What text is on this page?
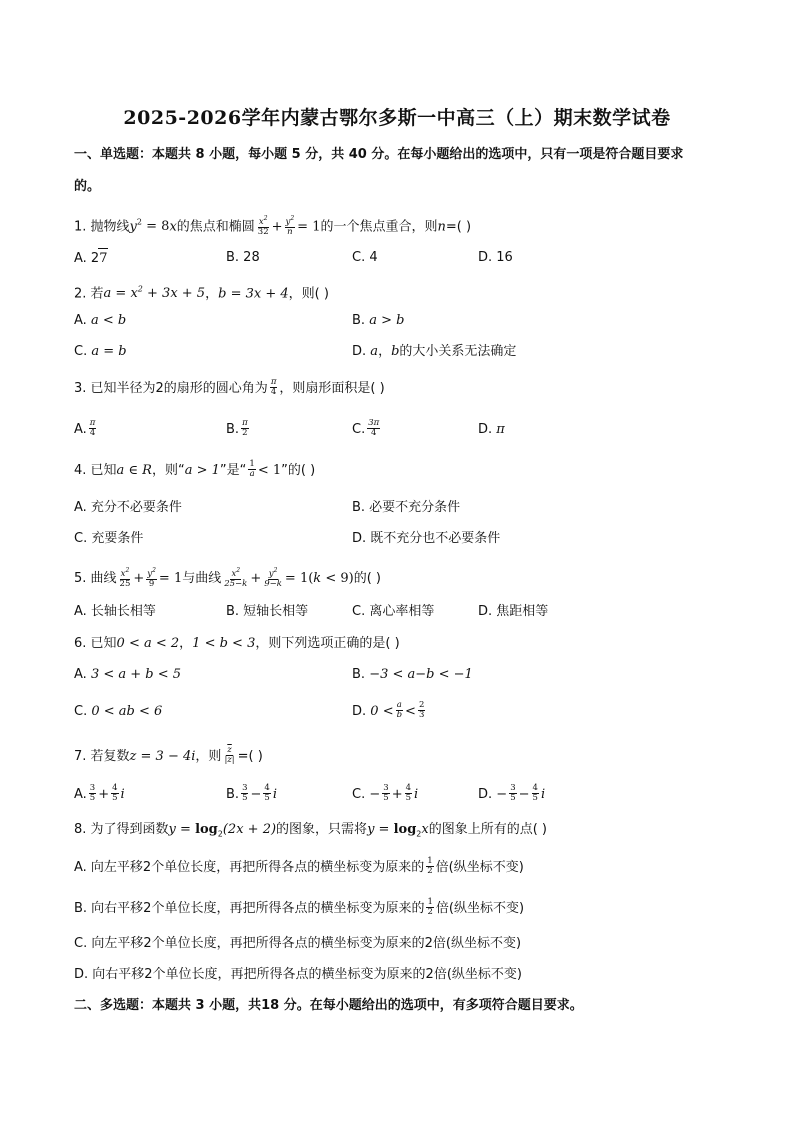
2025-2026学年内蒙古鄂尔多斯一中高三（上）期末数学试卷
一、单选题：本题共 8 小题，每小题 5 分，共 40 分。在每小题给出的选项中，只有一项是符合题目要求
的。
1. 抛物线$y^2 = 8x$的焦点和椭圆 $\frac{x^2}{32} + \frac{y^2}{n} = 1$的一个焦点重合，则n=( )
A. 27	B. 28	C. 4	D. 16
2. 若$a = x^2 + 3x + 5$，b = 3x + 4，则( )
A. a < b	B. a > b
C. a = b	D. a，b的大小关系无法确定
3. 已知半径为2的扇形的圆心角为 $\frac{\pi}{4}$ ，则扇形面积是( )
A. $\frac{\pi}{4}$	B. $\frac{\pi}{2}$	C. $\frac{3\pi}{4}$	D. π
4. 已知a ∈ R，则“a > 1”是“ $\frac{1}{a} < 1$”的( )
A. 充分不必要条件	B. 必要不充分条件
C. 充要条件	D. 既不充分也不必要条件
5. 曲线 $\frac{x^2}{25} + \frac{y^2}{9} = 1$与曲线 $\frac{x^2}{25-k} + \frac{y^2}{9-k} = 1(k < 9)$的( )
A. 长轴长相等	B. 短轴长相等	C. 离心率相等	D. 焦距相等
6. 已知0 < a < 2，1 < b < 3，则下列选项正确的是( )
A. 3 < a + b < 5	B. −3 < a−b < −1
C. 0 < ab < 6	D. $0 < \frac{a}{b} < \frac{2}{3}$
7. 若复数z = 3 − 4i，则 $\frac{\overline{z}}{|z|}$ =( )
A. $\frac{3}{5} + \frac{4}{5}$ i	B. $\frac{3}{5} - \frac{4}{5}$ i	C. − $\frac{3}{5} + \frac{4}{5}$ i	D. − $\frac{3}{5} - \frac{4}{5}$ i
8. 为了得到函数$y = \log_2(2x + 2)$的图象，只需将$y = \log_2x$的图象上所有的点( )
A. 向左平移2个单位长度，再把所得各点的横坐标变为原来的 $\frac{1}{2}$ 倍(纵坐标不变)
B. 向右平移2个单位长度，再把所得各点的横坐标变为原来的 $\frac{1}{2}$ 倍(纵坐标不变)
C. 向左平移2个单位长度，再把所得各点的横坐标变为原来的2倍(纵坐标不变)
D. 向右平移2个单位长度，再把所得各点的横坐标变为原来的2倍(纵坐标不变)
二、多选题：本题共 3 小题，共18 分。在每小题给出的选项中，有多项符合题目要求。
